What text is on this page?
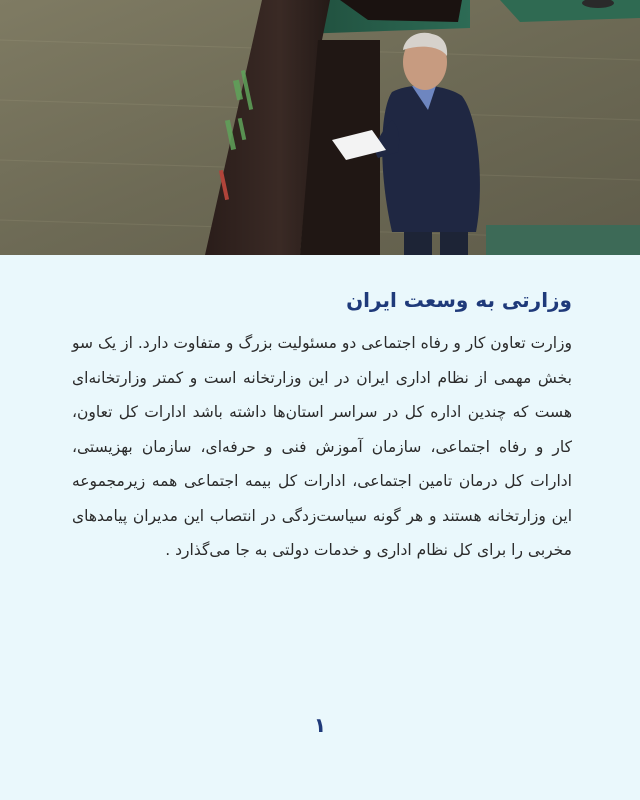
وزارتی به وسعت ایران

وزارت تعاون کار و رفاه اجتماعی دو مسئولیت بزرگ و متفاوت دارد. از یک سو بخش مهمی از نظام اداری ایران در این وزارتخانه است و کمتر وزارتخانه‌ای هست که چندین اداره کل در سراسر استان‌ها داشته باشد ادارات کل تعاون، کار و رفاه اجتماعی، سازمان آموزش فنی و حرفه‌ای، سازمان بهزیستی، ادارات کل درمان تامین اجتماعی، ادارات کل بیمه اجتماعی همه زیرمجموعه این وزارتخانه هستند و هر گونه سیاست‌زدگی در انتصاب این مدیران پیامدهای مخربی را برای کل نظام اداری و خدمات دولتی به جا می‌گذارد .

۱
